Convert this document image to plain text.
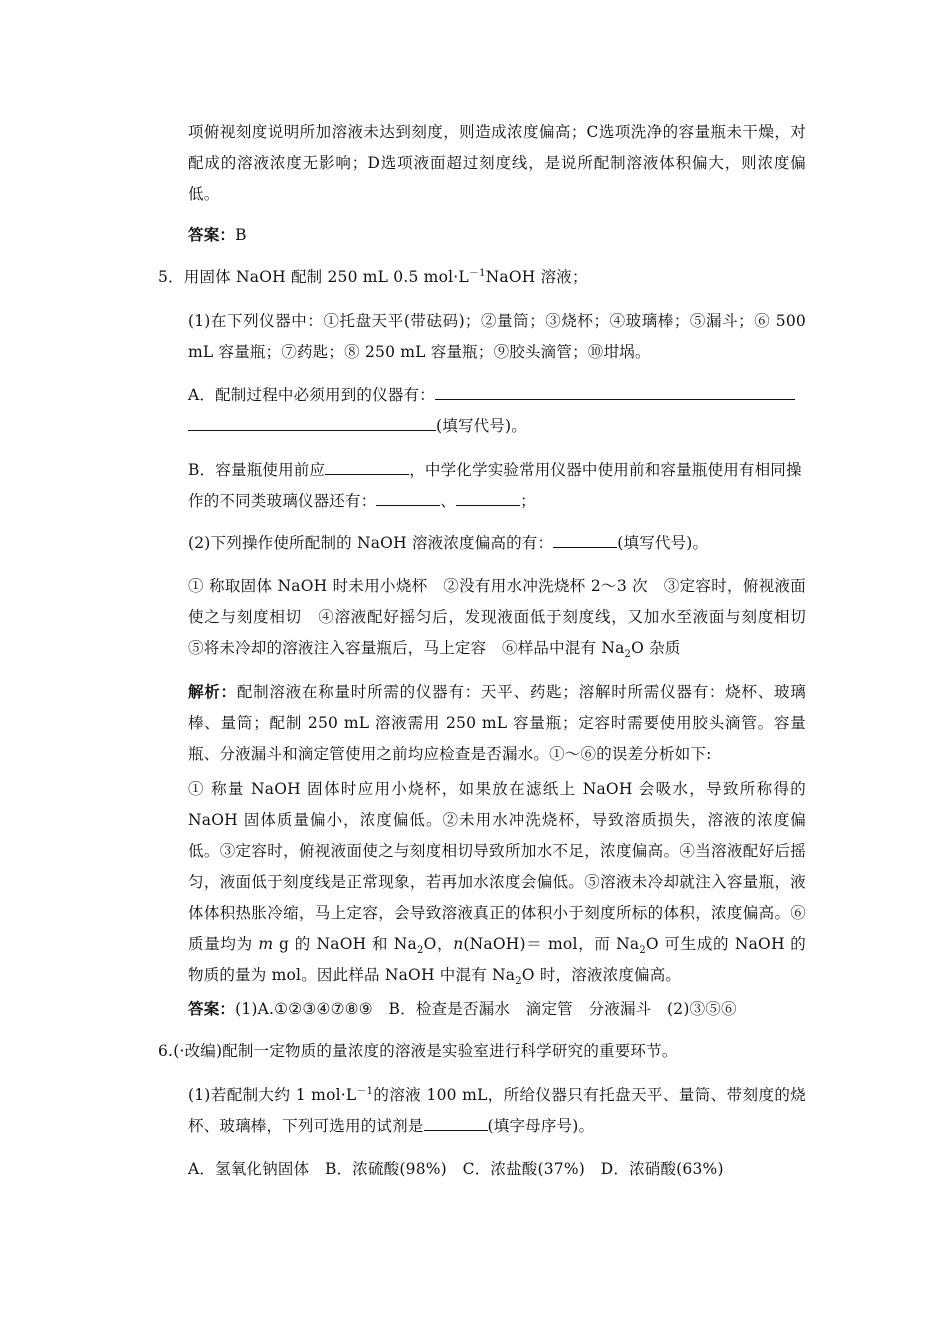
项俯视刻度说明所加溶液未达到刻度，则造成浓度偏高；C选项洗净的容量瓶未干燥，对配成的溶液浓度无影响；D选项液面超过刻度线，是说所配制溶液体积偏大，则浓度偏低。

答案：B

5．用固体 NaOH 配制 250 mL 0.5 $mol\cdot L^{-1}NaOH$ 溶液；

(1)在下列仪器中：①托盘天平(带砝码)；②量筒；③烧杯；④玻璃棒；⑤漏斗；⑥ 500 mL 容量瓶；⑦药匙；⑧ 250 mL 容量瓶；⑨胶头滴管；⑩坩埚。

A．配制过程中必须用到的仪器有：
(填写代号)。

B．容量瓶使用前应	，中学化学实验常用仪器中使用前和容量瓶使用有相同操作的不同类玻璃仪器还有：	、	；

(2)下列操作使所配制的 NaOH 溶液浓度偏高的有：	(填写代号)。

① 称取固体 NaOH 时未用小烧杯　②没有用水冲洗烧杯 2～3 次　③定容时，俯视液面使之与刻度相切　④溶液配好摇匀后，发现液面低于刻度线，又加水至液面与刻度相切　⑤将未冷却的溶液注入容量瓶后，马上定容　⑥样品中混有 $Na_2O$ 杂质

解析：配制溶液在称量时所需的仪器有：天平、药匙；溶解时所需仪器有：烧杯、玻璃棒、量筒；配制 250 mL 溶液需用 250 mL 容量瓶；定容时需要使用胶头滴管。容量瓶、分液漏斗和滴定管使用之前均应检查是否漏水。①～⑥的误差分析如下:

① 称量 NaOH 固体时应用小烧杯，如果放在滤纸上 NaOH 会吸水，导致所称得的 NaOH 固体质量偏小，浓度偏低。②未用水冲洗烧杯，导致溶质损失，溶液的浓度偏低。③定容时，俯视液面使之与刻度相切导致所加水不足，浓度偏高。④当溶液配好后摇匀，液面低于刻度线是正常现象，若再加水浓度会偏低。⑤溶液未冷却就注入容量瓶，液体体积热胀冷缩，马上定容，会导致溶液真正的体积小于刻度所标的体积，浓度偏高。⑥质量均为 m g 的 NaOH 和 $Na_2O$，n(NaOH)＝ mol，而 $Na_2O$ 可生成的 NaOH 的物质的量为 mol。因此样品 NaOH 中混有 $Na_2O$ 时，溶液浓度偏高。

答案：(1)A.①②③④⑦⑧⑨　B．检查是否漏水　滴定管　分液漏斗　(2)③⑤⑥

6.(·改编)配制一定物质的量浓度的溶液是实验室进行科学研究的重要环节。

(1)若配制大约 1 $mol\cdot L^{-1}$的溶液 100 mL，所给仪器只有托盘天平、量筒、带刻度的烧杯、玻璃棒，下列可选用的试剂是	(填字母序号)。

A．氢氧化钠固体　B．浓硫酸(98%)　C．浓盐酸(37%)　D．浓硝酸(63%)
